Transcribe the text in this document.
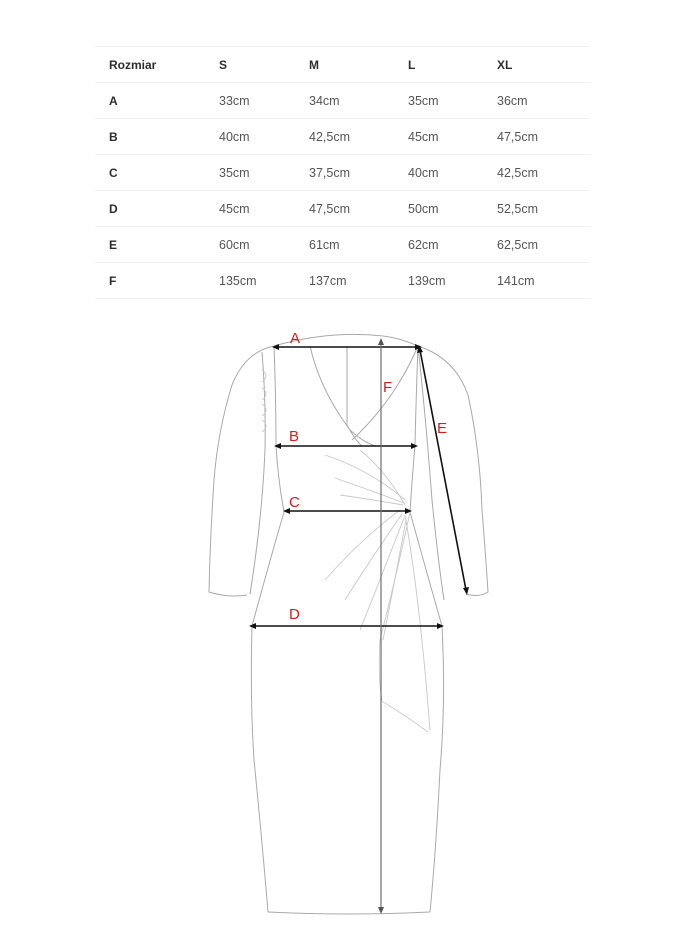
Rozmiar	S	M	L	XL
A	33cm	34cm	35cm	36cm
B	40cm	42,5cm	45cm	47,5cm
C	35cm	37,5cm	40cm	42,5cm
D	45cm	47,5cm	50cm	52,5cm
E	60cm	61cm	62cm	62,5cm
F	135cm	137cm	139cm	141cm
A
B
C
D
E
F
